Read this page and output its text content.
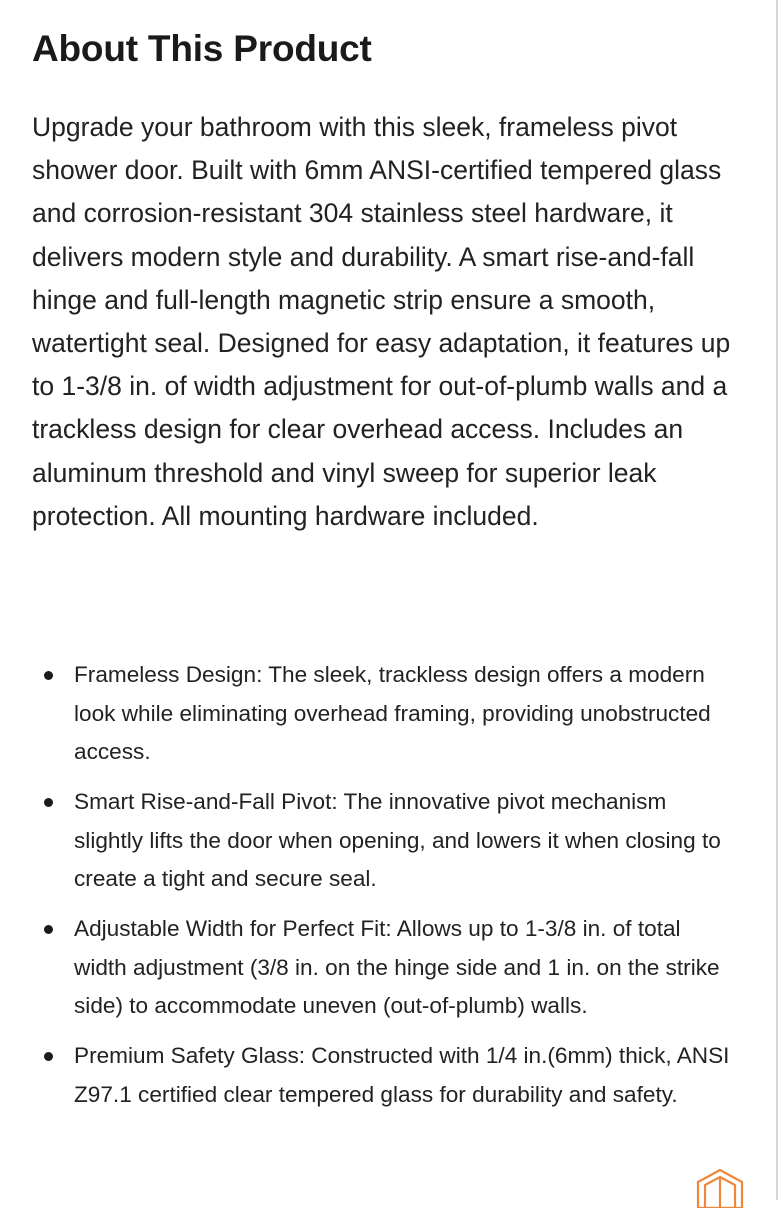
About This Product

Upgrade your bathroom with this sleek, frameless pivot shower door. Built with 6mm ANSI-certified tempered glass and corrosion-resistant 304 stainless steel hardware, it delivers modern style and durability. A smart rise-and-fall hinge and full-length magnetic strip ensure a smooth, watertight seal. Designed for easy adaptation, it features up to 1-3/8 in. of width adjustment for out-of-plumb walls and a trackless design for clear overhead access. Includes an aluminum threshold and vinyl sweep for superior leak protection. All mounting hardware included.

Frameless Design: The sleek, trackless design offers a modern look while eliminating overhead framing, providing unobstructed access.
Smart Rise-and-Fall Pivot: The innovative pivot mechanism slightly lifts the door when opening, and lowers it when closing to create a tight and secure seal.
Adjustable Width for Perfect Fit: Allows up to 1-3/8 in. of total width adjustment (3/8 in. on the hinge side and 1 in. on the strike side) to accommodate uneven (out-of-plumb) walls.
Premium Safety Glass: Constructed with 1/4 in.(6mm) thick, ANSI Z97.1 certified clear tempered glass for durability and safety.
